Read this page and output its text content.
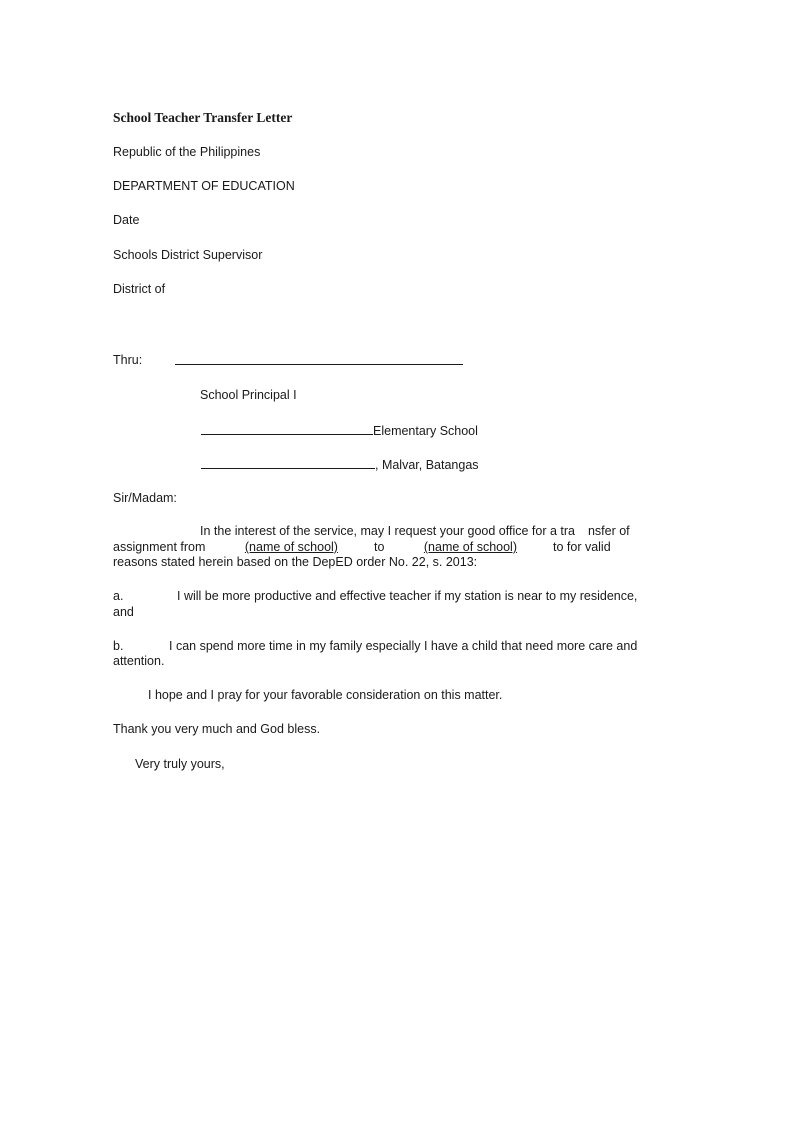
School Teacher Transfer Letter
Republic of the Philippines
DEPARTMENT OF EDUCATION
Date
Schools District Supervisor
District of
Thru:
School Principal I
Elementary School
, Malvar, Batangas
Sir/Madam:
In the interest of the service, may I request your good office for a tra nsfer of
assignment from	(name of school)	to	(name of school)	to for valid
reasons stated herein based on the DepED order No. 22, s. 2013:
a.	I will be more productive and effective teacher if my station is near to my residence,
and
b.	I can spend more time in my family especially I have a child that need more care and
attention.
I hope and I pray for your favorable consideration on this matter.
Thank you very much and God bless.
Very truly yours,
